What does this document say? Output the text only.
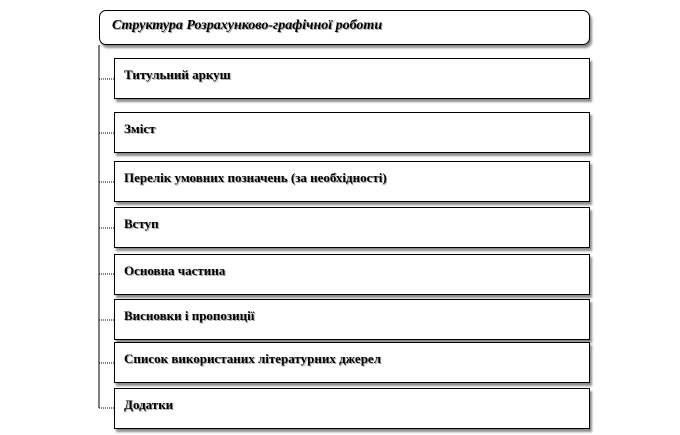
Структура Розрахунково-графічної роботи
Титульний аркуш
Зміст
Перелік умовних позначень (за необхідності)
Вступ
Основна частина
Висновки і пропозиції
Список використаних літературних джерел
Додатки
